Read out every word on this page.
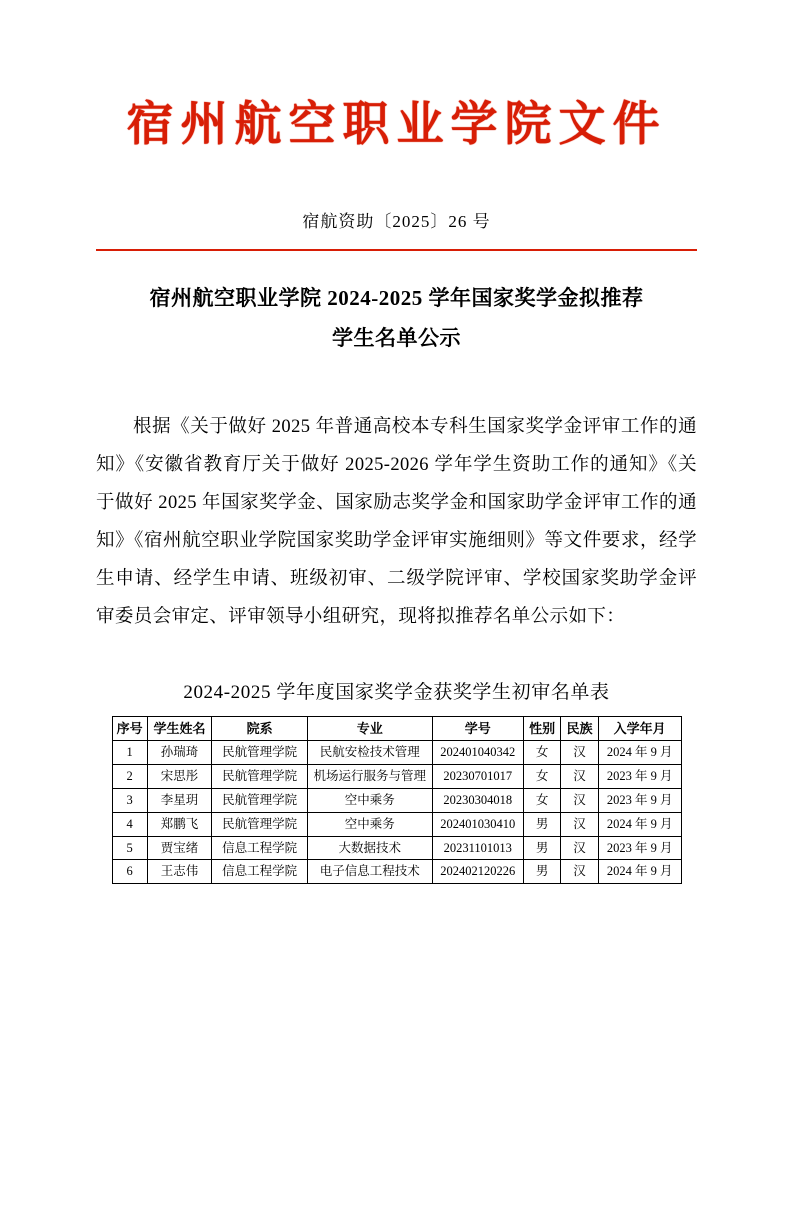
宿州航空职业学院文件
宿航资助〔2025〕26 号
宿州航空职业学院 2024-2025 学年国家奖学金拟推荐
学生名单公示

根据《关于做好 2025 年普通高校本专科生国家奖学金评审工作的通知》《安徽省教育厅关于做好 2025-2026 学年学生资助工作的通知》《关于做好 2025 年国家奖学金、国家励志奖学金和国家助学金评审工作的通知》《宿州航空职业学院国家奖助学金评审实施细则》等文件要求，经学生申请、经学生申请、班级初审、二级学院评审、学校国家奖助学金评审委员会审定、评审领导小组研究，现将拟推荐名单公示如下：

2024-2025 学年度国家奖学金获奖学生初审名单表
序号	学生姓名	院系	专业	学号	性别	民族	入学年月
1	孙瑞琦	民航管理学院	民航安检技术管理	202401040342	女	汉	2024 年 9 月
2	宋思彤	民航管理学院	机场运行服务与管理	20230701017	女	汉	2023 年 9 月
3	李星玥	民航管理学院	空中乘务	20230304018	女	汉	2023 年 9 月
4	郑鹏飞	民航管理学院	空中乘务	202401030410	男	汉	2024 年 9 月
5	贾宝绪	信息工程学院	大数据技术	20231101013	男	汉	2023 年 9 月
6	王志伟	信息工程学院	电子信息工程技术	202402120226	男	汉	2024 年 9 月
